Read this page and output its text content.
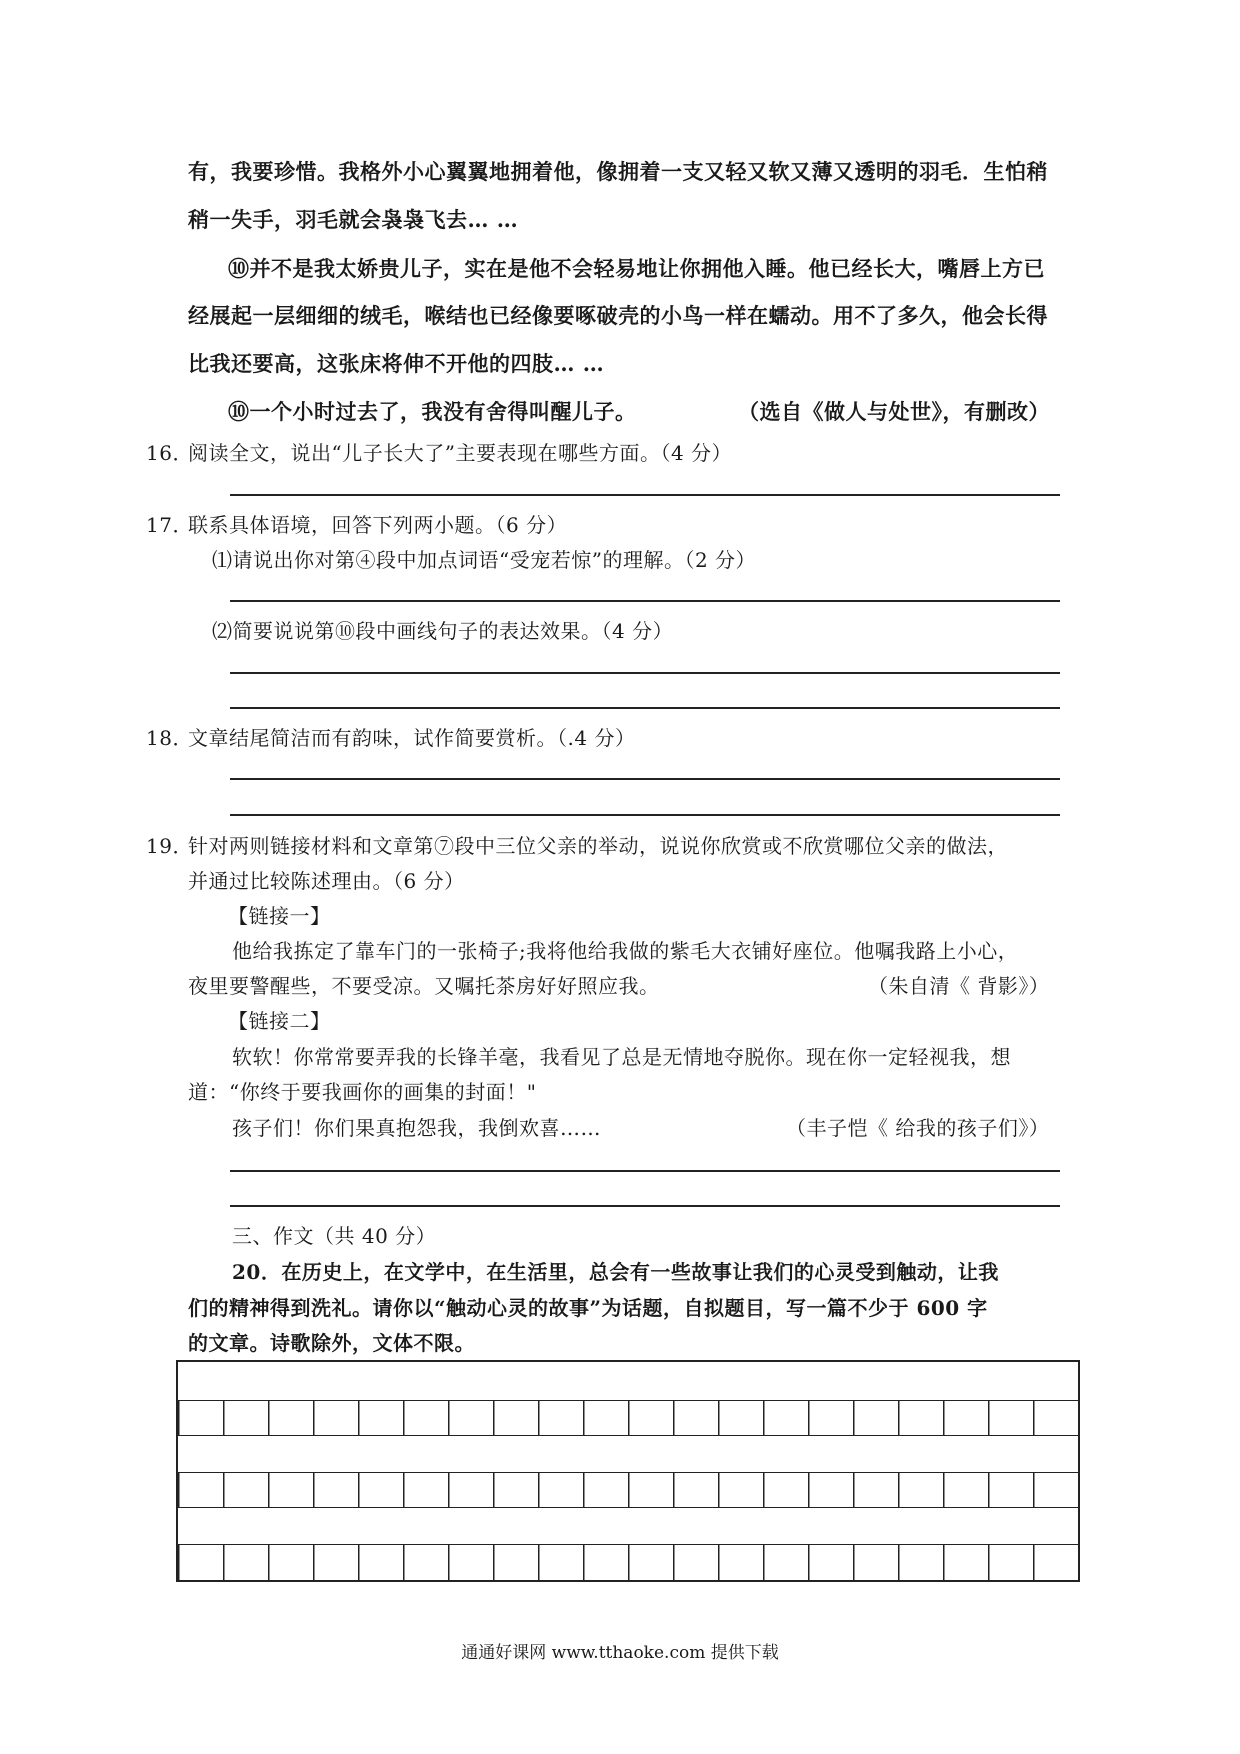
有，我要珍惜。我格外小心翼翼地拥着他，像拥着一支又轻又软又薄又透明的羽毛．生怕稍
稍一失手，羽毛就会袅袅飞去… …
⑩并不是我太娇贵儿子，实在是他不会轻易地让你拥他入睡。他已经长大，嘴唇上方已
经展起一层细细的绒毛，喉结也已经像要啄破壳的小鸟一样在蠕动。用不了多久，他会长得
比我还要高，这张床将伸不开他的四肢… …
⑩一个小时过去了，我没有舍得叫醒儿子。	（选自《做人与处世》，有删改）
16．阅读全文，说出“儿子长大了”主要表现在哪些方面。（4 分）
17．联系具体语境，回答下列两小题。（6 分）
⑴请说出你对第④段中加点词语“受宠若惊”的理解。（2 分）
⑵简要说说第⑩段中画线句子的表达效果。（4 分）
18．文章结尾简洁而有韵味，试作简要赏析。（.4 分）
19．针对两则链接材料和文章第⑦段中三位父亲的举动，说说你欣赏或不欣赏哪位父亲的做法，
并通过比较陈述理由。（6 分）
【链接一】
他给我拣定了靠车门的一张椅子;我将他给我做的紫毛大衣铺好座位。他嘱我路上小心，
夜里要警醒些，不要受凉。又嘱托茶房好好照应我。	（朱自清《 背影》）
【链接二】
软软！你常常要弄我的长锋羊毫，我看见了总是无情地夺脱你。现在你一定轻视我，想
道：“你终于要我画你的画集的封面！"
孩子们！你们果真抱怨我，我倒欢喜……	（丰子恺《 给我的孩子们》）
三、作文（共 40 分）
20．在历史上，在文学中，在生活里，总会有一些故事让我们的心灵受到触动，让我
们的精神得到洗礼。请你以“触动心灵的故事”为话题，自拟题目，写一篇不少于 600 字
的文章。诗歌除外，文体不限。
通通好课网 www.tthaoke.com 提供下载
